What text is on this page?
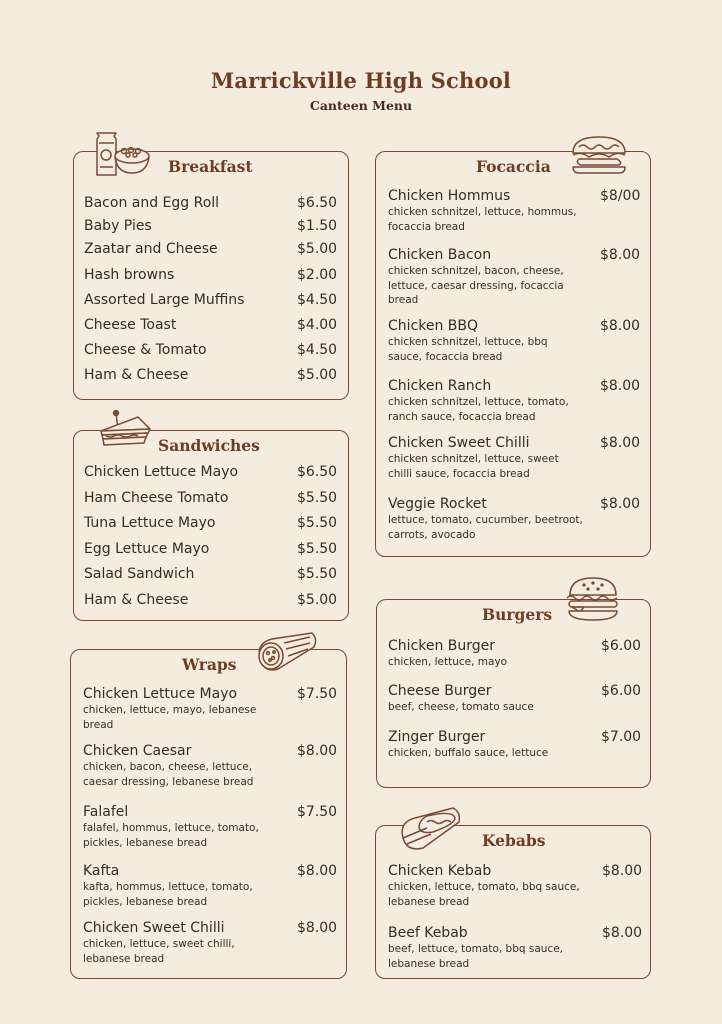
Marrickville High School
Canteen Menu
Breakfast
Bacon and Egg Roll	$6.50
Baby Pies	$1.50
Zaatar and Cheese	$5.00
Hash browns	$2.00
Assorted Large Muffins	$4.50
Cheese Toast	$4.00
Cheese & Tomato	$4.50
Ham & Cheese	$5.00
Sandwiches
Chicken Lettuce Mayo	$6.50
Ham Cheese Tomato	$5.50
Tuna Lettuce Mayo	$5.50
Egg Lettuce Mayo	$5.50
Salad Sandwich	$5.50
Ham & Cheese	$5.00
Wraps
Chicken Lettuce Mayo	$7.50
chicken, lettuce, mayo, lebanese bread
Chicken Caesar	$8.00
chicken, bacon, cheese, lettuce, caesar dressing, lebanese bread
Falafel	$7.50
falafel, hommus, lettuce, tomato, pickles, lebanese bread
Kafta	$8.00
kafta, hommus, lettuce, tomato, pickles, lebanese bread
Chicken Sweet Chilli	$8.00
chicken, lettuce, sweet chilli, lebanese bread
Focaccia
Chicken Hommus	$8/00
chicken schnitzel, lettuce, hommus, focaccia bread
Chicken Bacon	$8.00
chicken schnitzel, bacon, cheese, lettuce, caesar dressing, focaccia bread
Chicken BBQ	$8.00
chicken schnitzel, lettuce, bbq sauce, focaccia bread
Chicken Ranch	$8.00
chicken schnitzel, lettuce, tomato, ranch sauce, focaccia bread
Chicken Sweet Chilli	$8.00
chicken schnitzel, lettuce, sweet chilli sauce, focaccia bread
Veggie Rocket	$8.00
lettuce, tomato, cucumber, beetroot, carrots, avocado
Burgers
Chicken Burger	$6.00
chicken, lettuce, mayo
Cheese Burger	$6.00
beef, cheese, tomato sauce
Zinger Burger	$7.00
chicken, buffalo sauce, lettuce
Kebabs
Chicken Kebab	$8.00
chicken, lettuce, tomato, bbq sauce, lebanese bread
Beef Kebab	$8.00
beef, lettuce, tomato, bbq sauce, lebanese bread
